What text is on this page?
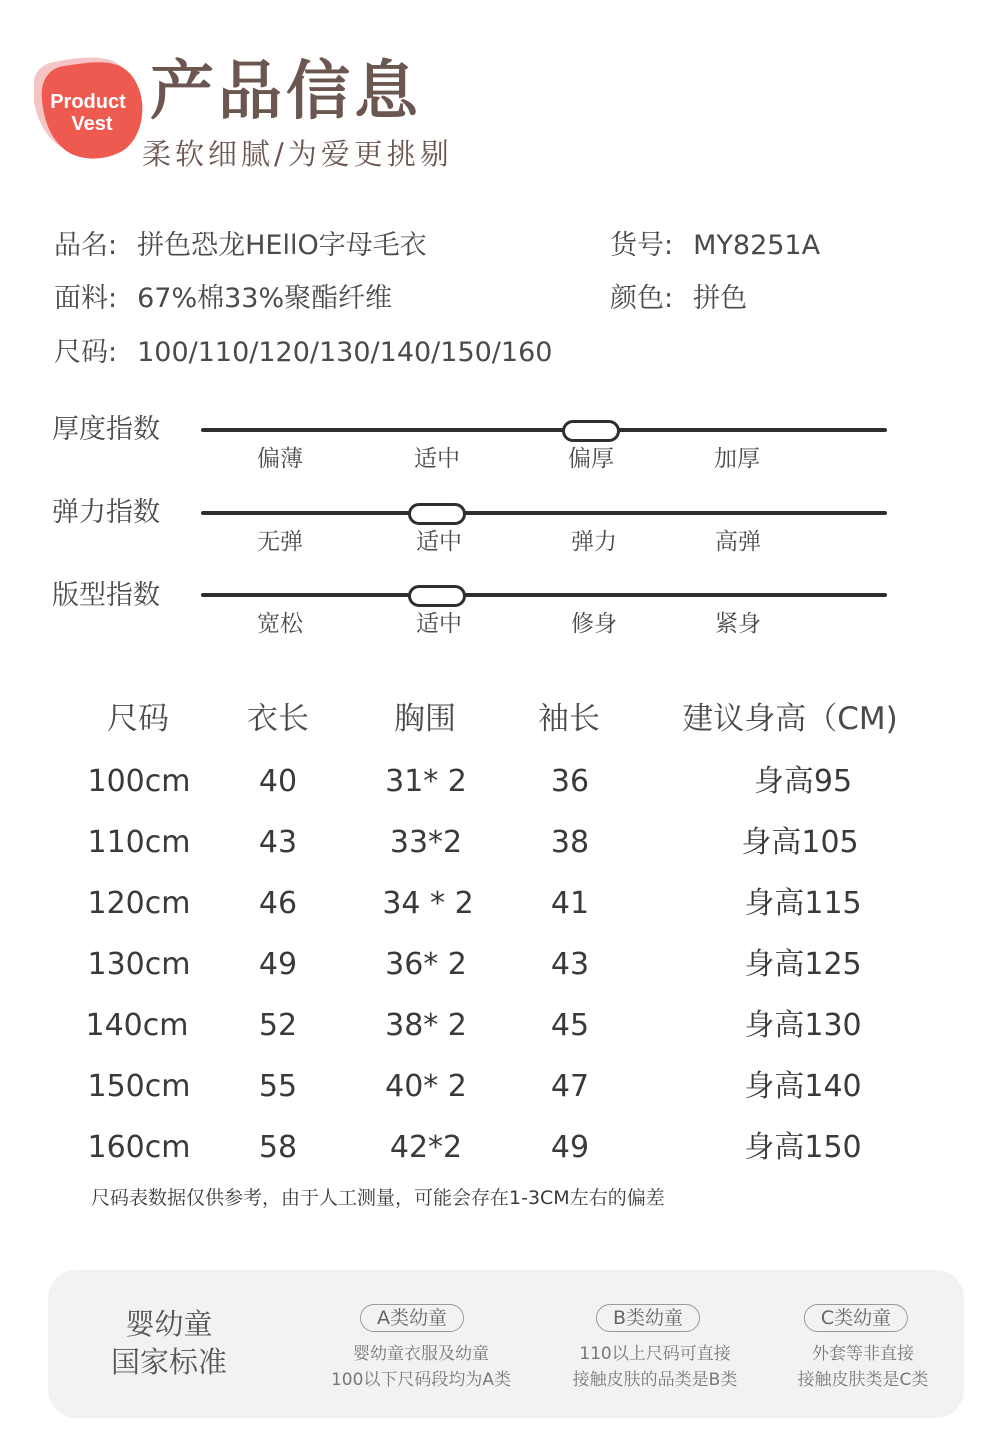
Product
Vest 产品信息
柔软细腻/为爱更挑剔
品名: 拼色恐龙HEllO字母毛衣	货号: MY8251A
面料: 67%棉33%聚酯纤维	颜色: 拼色
尺码: 100/110/120/130/140/150/160
厚度指数
偏薄	适中	偏厚	加厚
弹力指数
无弹	适中	弹力	高弹
版型指数
宽松	适中	修身	紧身
尺码	衣长	胸围	袖长	建议身高（CM)
100cm 40	31* 2	36	身高95
110cm 43	33*2	38	身高105
120cm 46	34 * 2	41	身高115
130cm 49	36* 2	43	身高125
140cm 52	38* 2	45	身高130
150cm 55	40* 2	47	身高140
160cm 58	42*2	49	身高150
尺码表数据仅供参考，由于人工测量，可能会存在1-3CM左右的偏差
婴幼童
国家标准
A类幼童
婴幼童衣服及幼童
100以下尺码段均为A类
B类幼童
110以上尺码可直接
接触皮肤的品类是B类
C类幼童
外套等非直接
接触皮肤类是C类
